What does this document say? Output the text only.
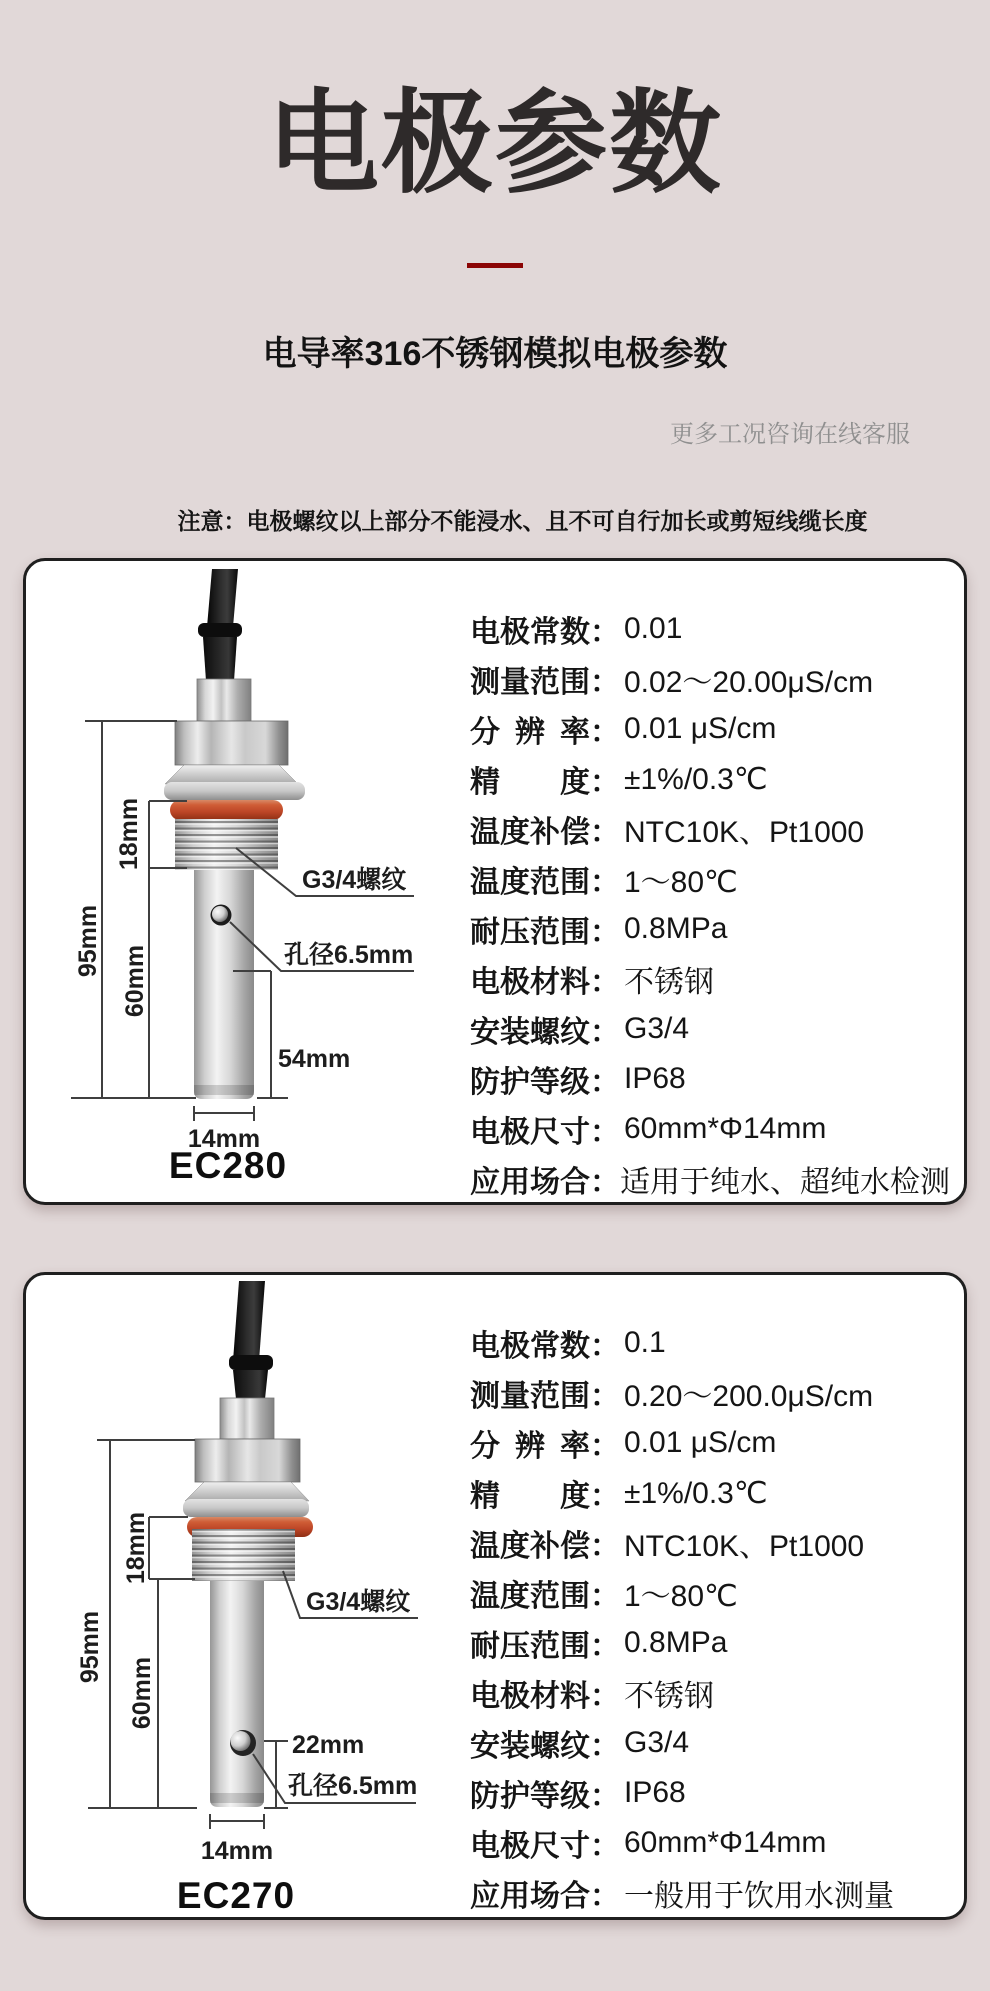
电极参数
电导率316不锈钢模拟电极参数
更多工况咨询在线客服
注意：电极螺纹以上部分不能浸水、且不可自行加长或剪短线缆长度
95mm
18mm
60mm
54mm
14mm
G3/4螺纹
孔径6.5mm
EC280
电极常数： 0.01
测量范围： 0.02～20.00μS/cm
分 辨 率： 0.01 μS/cm
精　　度： ±1%/0.3℃
温度补偿： NTC10K、Pt1000
温度范围： 1～80℃
耐压范围： 0.8MPa
电极材料： 不锈钢
安装螺纹： G3/4
防护等级： IP68
电极尺寸： 60mm*Φ14mm
应用场合： 适用于纯水、超纯水检测
95mm
18mm
60mm
22mm
14mm
G3/4螺纹
孔径6.5mm
EC270
电极常数： 0.1
测量范围： 0.20～200.0μS/cm
分 辨 率： 0.01 μS/cm
精　　度： ±1%/0.3℃
温度补偿： NTC10K、Pt1000
温度范围： 1～80℃
耐压范围： 0.8MPa
电极材料： 不锈钢
安装螺纹： G3/4
防护等级： IP68
电极尺寸： 60mm*Φ14mm
应用场合： 一般用于饮用水测量
